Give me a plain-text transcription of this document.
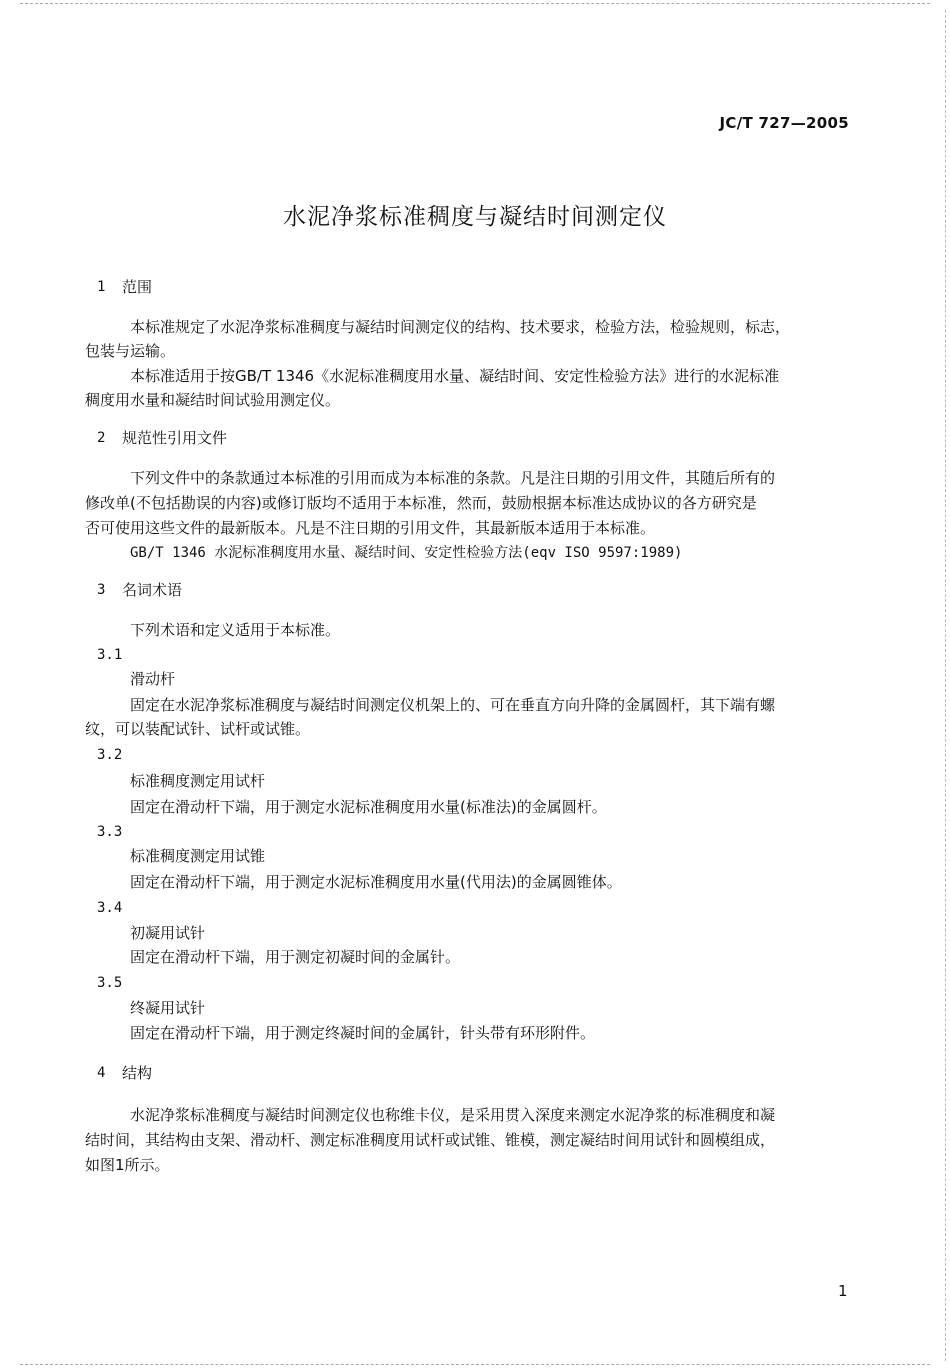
JC/T 727—2005
水泥净浆标准稠度与凝结时间测定仪
1 范围
本标准规定了水泥净浆标准稠度与凝结时间测定仪的结构、技术要求，检验方法，检验规则，标志，
包装与运输。
本标准适用于按GB/T 1346《水泥标准稠度用水量、凝结时间、安定性检验方法》进行的水泥标准
稠度用水量和凝结时间试验用测定仪。
2 规范性引用文件
下列文件中的条款通过本标准的引用而成为本标准的条款。凡是注日期的引用文件，其随后所有的
修改单(不包括勘误的内容)或修订版均不适用于本标准，然而，鼓励根据本标准达成协议的各方研究是
否可使用这些文件的最新版本。凡是不注日期的引用文件，其最新版本适用于本标准。
GB/T 1346 水泥标准稠度用水量、凝结时间、安定性检验方法(eqv ISO 9597:1989)
3 名词术语
下列术语和定义适用于本标准。
3.1
滑动杆
固定在水泥净浆标准稠度与凝结时间测定仪机架上的、可在垂直方向升降的金属圆杆，其下端有螺
纹，可以装配试针、试杆或试锥。
3.2
标准稠度测定用试杆
固定在滑动杆下端，用于测定水泥标准稠度用水量(标准法)的金属圆杆。
3.3
标准稠度测定用试锥
固定在滑动杆下端，用于测定水泥标准稠度用水量(代用法)的金属圆锥体。
3.4
初凝用试针
固定在滑动杆下端，用于测定初凝时间的金属针。
3.5
终凝用试针
固定在滑动杆下端，用于测定终凝时间的金属针，针头带有环形附件。
4 结构
水泥净浆标准稠度与凝结时间测定仪也称维卡仪，是采用贯入深度来测定水泥净浆的标准稠度和凝
结时间，其结构由支架、滑动杆、测定标准稠度用试杆或试锥、锥模，测定凝结时间用试针和圆模组成，
如图1所示。
1
